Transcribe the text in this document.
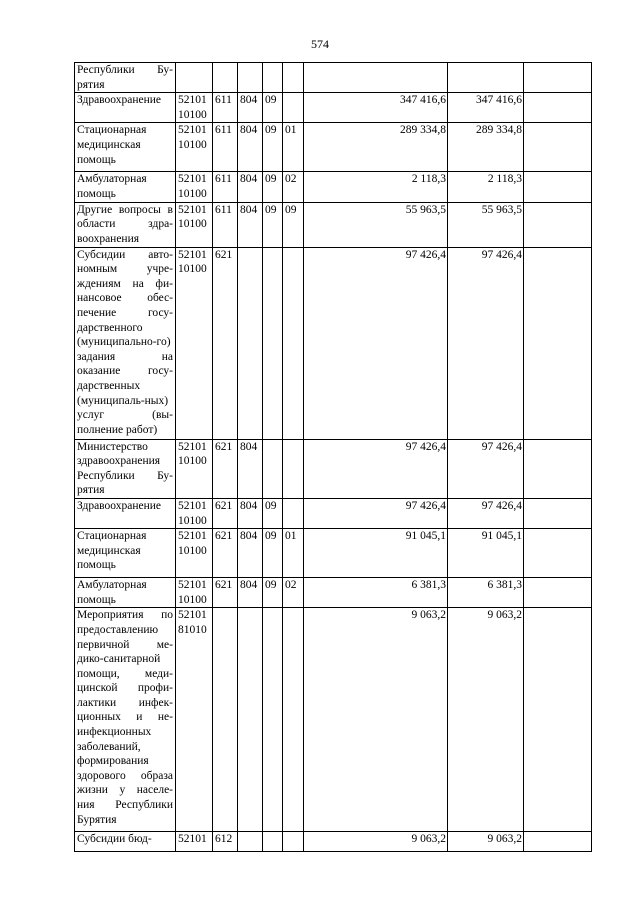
574
Республики Бу-рятия								
Здравоохранение	52101 10100	611	804	09		347 416,6	347 416,6	
Стационарная медицинская помощь	52101 10100	611	804	09	01	289 334,8	289 334,8	
Амбулаторная помощь	52101 10100	611	804	09	02	2 118,3	2 118,3	
Другие вопросы в области здра-воохранения	52101 10100	611	804	09	09	55 963,5	55 963,5	
Субсидии авто-номным учре-ждениям на фи-нансовое обес-печение госу-дарственного (муниципально-го) задания на оказание госу-дарственных (муниципаль-ных) услуг (вы-полнение работ)	52101 10100	621				97 426,4	97 426,4	
Министерство здравоохранения Республики Бу-рятия	52101 10100	621	804			97 426,4	97 426,4	
Здравоохранение	52101 10100	621	804	09		97 426,4	97 426,4	
Стационарная медицинская помощь	52101 10100	621	804	09	01	91 045,1	91 045,1	
Амбулаторная помощь	52101 10100	621	804	09	02	6 381,3	6 381,3	
Мероприятия по предоставлению первичной ме-дико-санитарной помощи, меди-цинской профи-лактики инфек-ционных и не-инфекционных заболеваний, формирования здорового образа жизни у населе-ния Республики Бурятия	52101 81010					9 063,2	9 063,2	
Субсидии бюд-	52101	612				9 063,2	9 063,2	
